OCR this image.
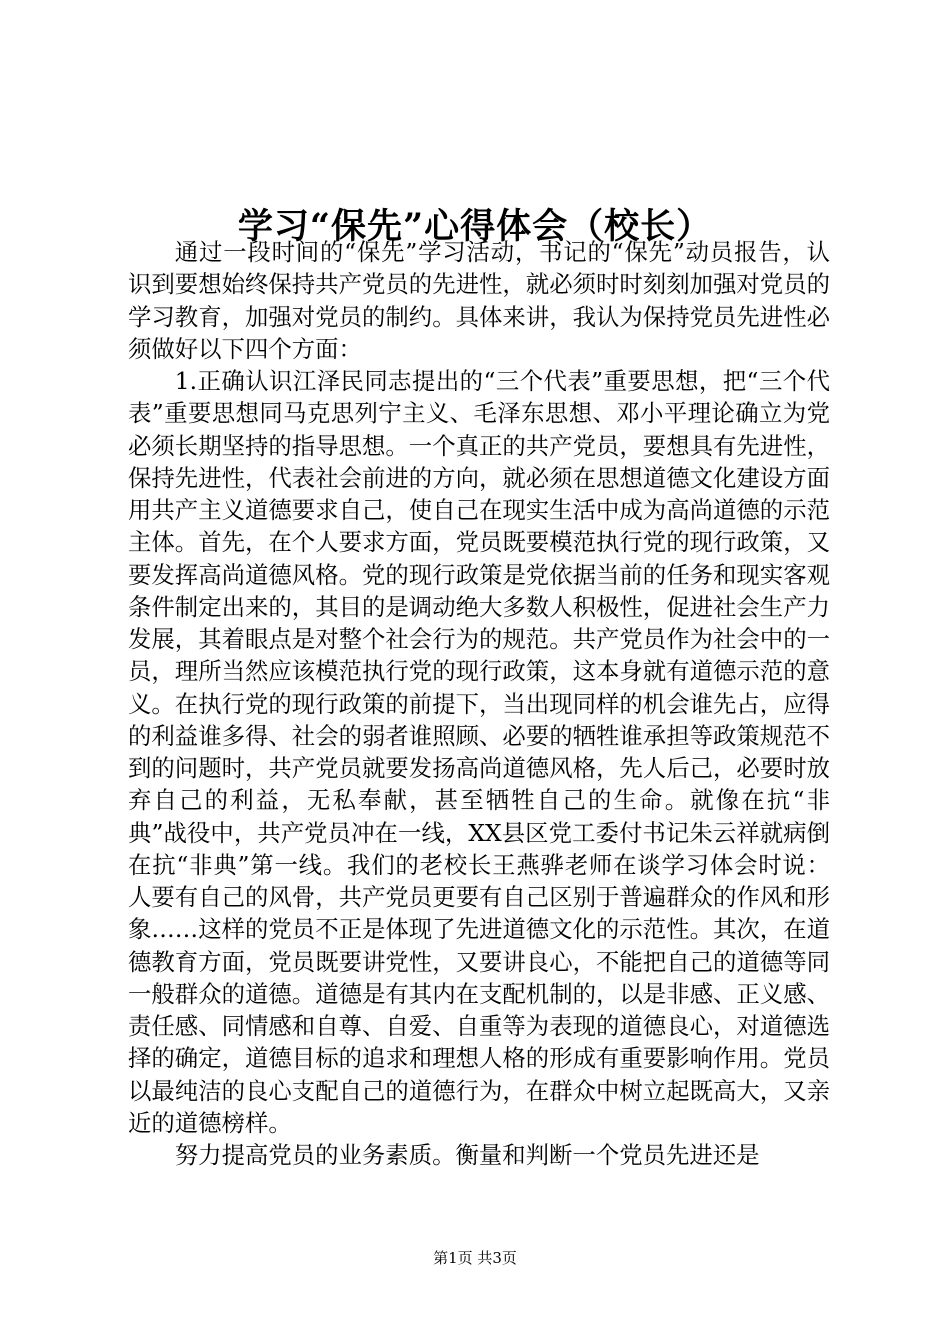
学习“保先”心得体会（校长）

通过一段时间的“保先”学习活动，书记的“保先”动员报告，认识到要想始终保持共产党员的先进性，就必须时时刻刻加强对党员的学习教育，加强对党员的制约。具体来讲，我认为保持党员先进性必须做好以下四个方面：

1.正确认识江泽民同志提出的“三个代表”重要思想，把“三个代表”重要思想同马克思列宁主义、毛泽东思想、邓小平理论确立为党必须长期坚持的指导思想。一个真正的共产党员，要想具有先进性，保持先进性，代表社会前进的方向，就必须在思想道德文化建设方面用共产主义道德要求自己，使自己在现实生活中成为高尚道德的示范主体。首先，在个人要求方面，党员既要模范执行党的现行政策，又要发挥高尚道德风格。党的现行政策是党依据当前的任务和现实客观条件制定出来的，其目的是调动绝大多数人积极性，促进社会生产力发展，其着眼点是对整个社会行为的规范。共产党员作为社会中的一员，理所当然应该模范执行党的现行政策，这本身就有道德示范的意义。在执行党的现行政策的前提下，当出现同样的机会谁先占，应得的利益谁多得、社会的弱者谁照顾、必要的牺牲谁承担等政策规范不到的问题时，共产党员就要发扬高尚道德风格，先人后己，必要时放弃自己的利益，无私奉献，甚至牺牲自己的生命。就像在抗“非典”战役中，共产党员冲在一线，XX县区党工委付书记朱云祥就病倒在抗“非典”第一线。我们的老校长王燕骅老师在谈学习体会时说：人要有自己的风骨，共产党员更要有自己区别于普遍群众的作风和形象……这样的党员不正是体现了先进道德文化的示范性。其次，在道德教育方面，党员既要讲党性，又要讲良心，不能把自己的道德等同一般群众的道德。道德是有其内在支配机制的，以是非感、正义感、责任感、同情感和自尊、自爱、自重等为表现的道德良心，对道德选择的确定，道德目标的追求和理想人格的形成有重要影响作用。党员以最纯洁的良心支配自己的道德行为，在群众中树立起既高大，又亲近的道德榜样。

努力提高党员的业务素质。衡量和判断一个党员先进还是

第1页 共3页
